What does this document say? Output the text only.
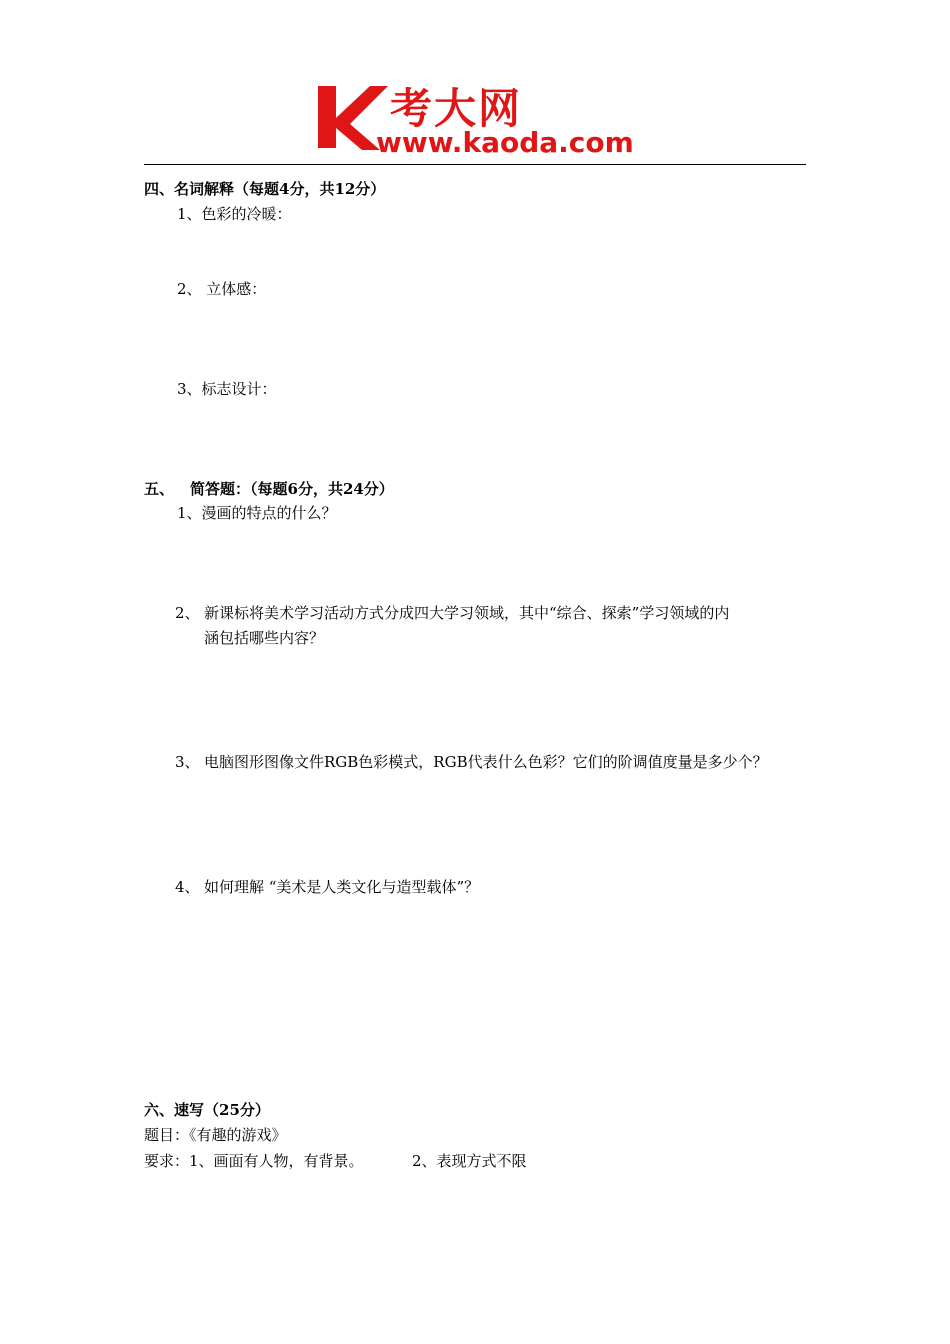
考大网
www.kaoda.com
四、名词解释（每题4分，共12分）
1、色彩的冷暖：
2、 立体感：
3、标志设计：
五、 简答题：（每题6分，共24分）
1、漫画的特点的什么？
2、 新课标将美术学习活动方式分成四大学习领域，其中“综合、探索”学习领域的内
涵包括哪些内容？
3、 电脑图形图像文件RGB色彩模式，RGB代表什么色彩？它们的阶调值度量是多少个？
4、 如何理解 “美术是人类文化与造型载体”？
六、速写（25分）
题目：《有趣的游戏》
要求：1、画面有人物，有背景。	2、表现方式不限
